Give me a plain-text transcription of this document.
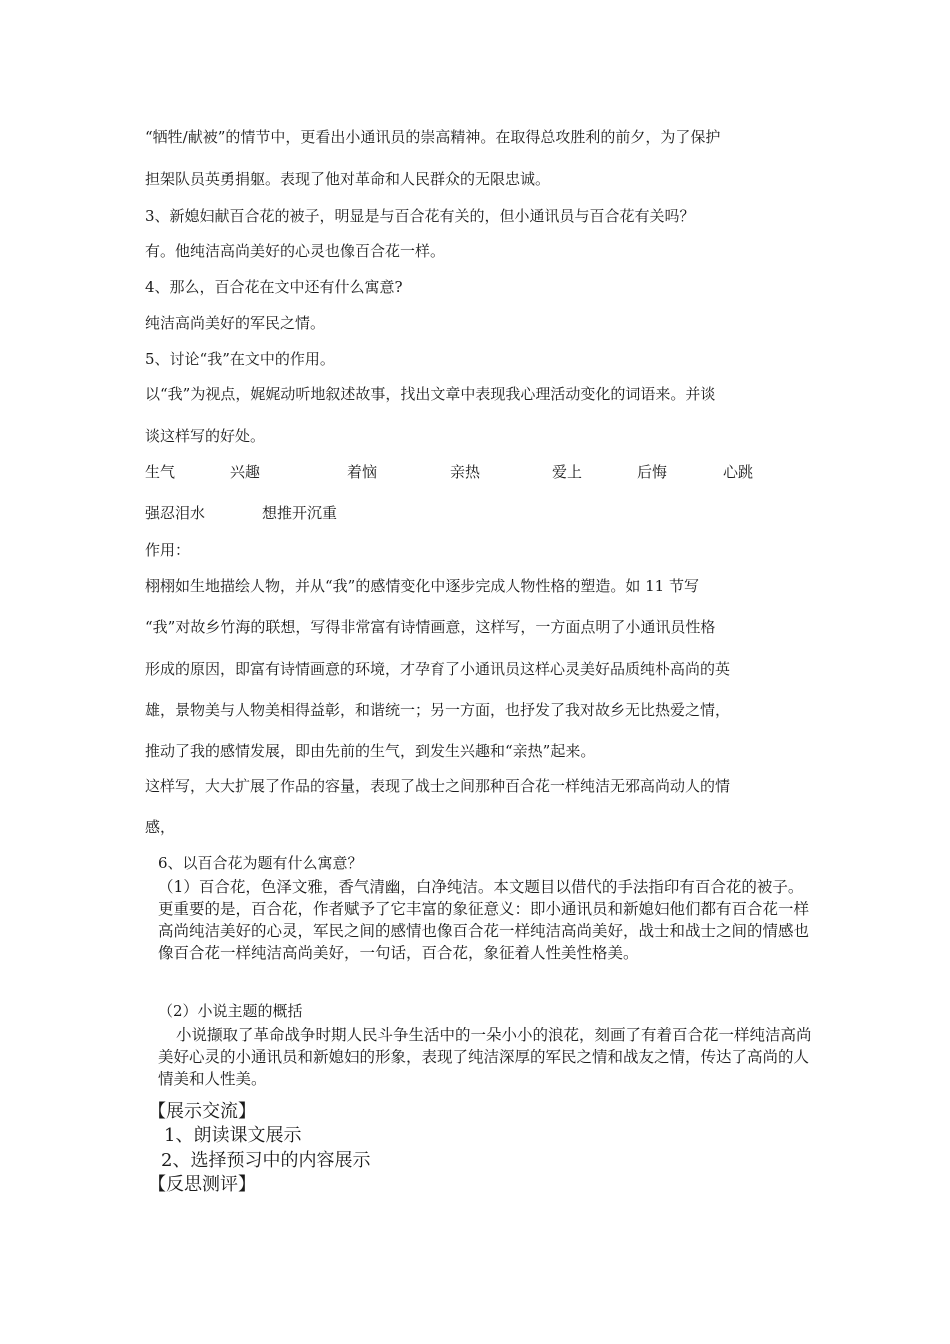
“牺牲/献被”的情节中，更看出小通讯员的崇高精神。在取得总攻胜利的前夕，为了保护
担架队员英勇捐躯。表现了他对革命和人民群众的无限忠诚。
3、新媳妇献百合花的被子，明显是与百合花有关的，但小通讯员与百合花有关吗？
有。他纯洁高尚美好的心灵也像百合花一样。
4、那么，百合花在文中还有什么寓意?
纯洁高尚美好的军民之情。
5、讨论“我”在文中的作用。
以“我”为视点，娓娓动听地叙述故事，找出文章中表现我心理活动变化的词语来。并谈
谈这样写的好处。
生气	兴趣	着恼	亲热	爱上	后悔	心跳
强忍泪水	想推开沉重
作用：
栩栩如生地描绘人物，并从“我”的感情变化中逐步完成人物性格的塑造。如 11 节写
“我”对故乡竹海的联想，写得非常富有诗情画意，这样写，一方面点明了小通讯员性格
形成的原因，即富有诗情画意的环境，才孕育了小通讯员这样心灵美好品质纯朴高尚的英
雄，景物美与人物美相得益彰，和谐统一；另一方面，也抒发了我对故乡无比热爱之情，
推动了我的感情发展，即由先前的生气，到发生兴趣和“亲热”起来。
这样写，大大扩展了作品的容量，表现了战士之间那种百合花一样纯洁无邪高尚动人的情
感，
6、以百合花为题有什么寓意？
（1）百合花，色泽文雅，香气清幽，白净纯洁。本文题目以借代的手法指印有百合花的被子。更重要的是，百合花，作者赋予了它丰富的象征意义：即小通讯员和新媳妇他们都有百合花一样高尚纯洁美好的心灵，军民之间的感情也像百合花一样纯洁高尚美好，战士和战士之间的情感也像百合花一样纯洁高尚美好，一句话，百合花，象征着人性美性格美。
（2）小说主题的概括
小说撷取了革命战争时期人民斗争生活中的一朵小小的浪花，刻画了有着百合花一样纯洁高尚美好心灵的小通讯员和新媳妇的形象，表现了纯洁深厚的军民之情和战友之情，传达了高尚的人情美和人性美。
【展示交流】
1、朗读课文展示
2、选择预习中的内容展示
【反思测评】
